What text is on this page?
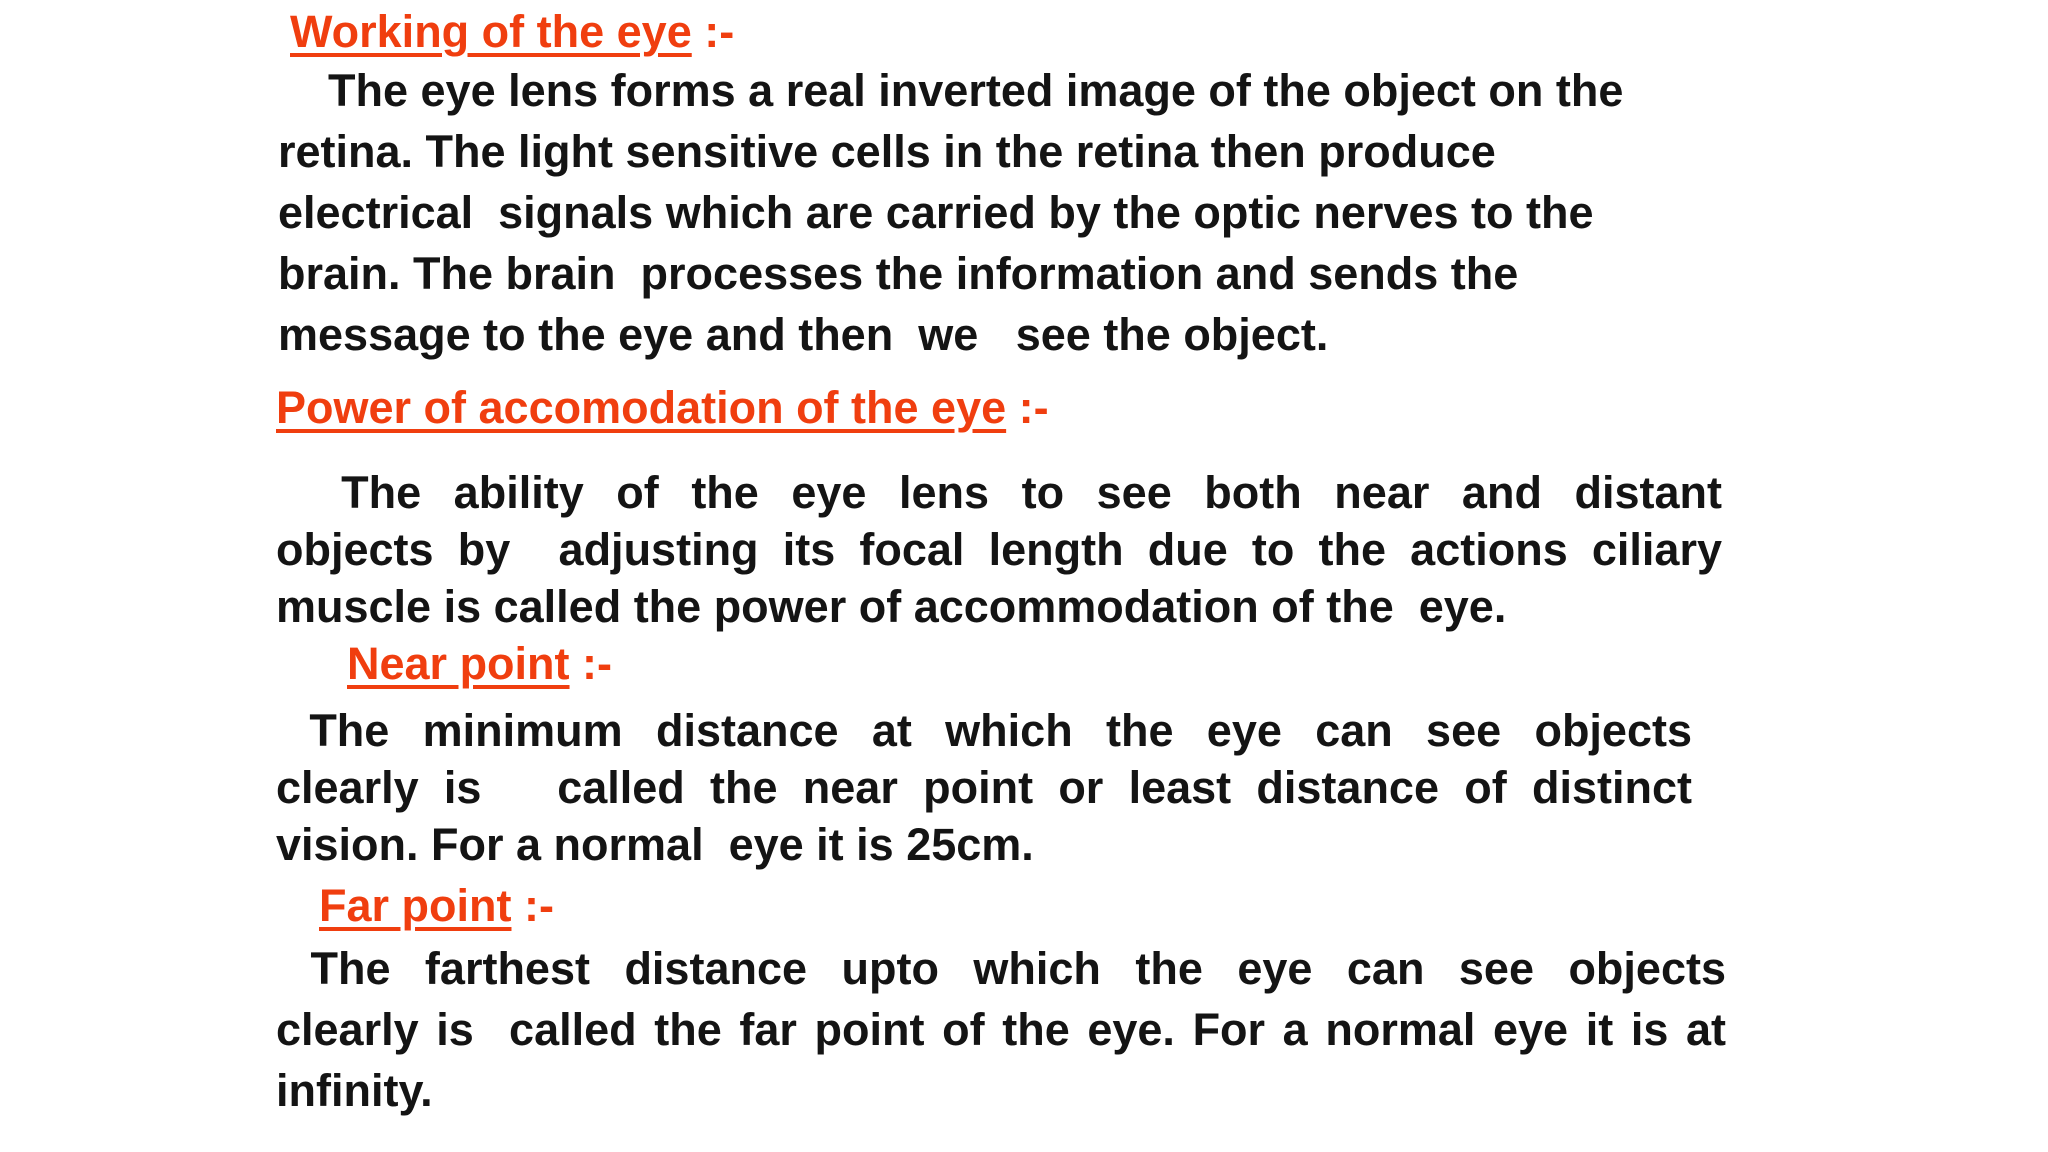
Working of the eye :-
The eye lens forms a real inverted image of the object on the
retina. The light sensitive cells in the retina then produce
electrical  signals which are carried by the optic nerves to the
brain. The brain  processes the information and sends the
message to the eye and then  we   see the object.
Power of accomodation of the eye :-
The  ability  of  the  eye  lens  to  see  both  near  and  distant
objects by  adjusting its focal length due to the actions ciliary
muscle is called the power of accommodation of the  eye.
Near point :-
The  minimum  distance  at  which  the  eye  can  see  objects
clearly is   called the near point or least distance of distinct
vision. For a normal  eye it is 25cm.
Far point :-
The  farthest  distance  upto  which  the  eye  can  see  objects
clearly is  called the far point of the eye. For a normal eye it is at
infinity.
